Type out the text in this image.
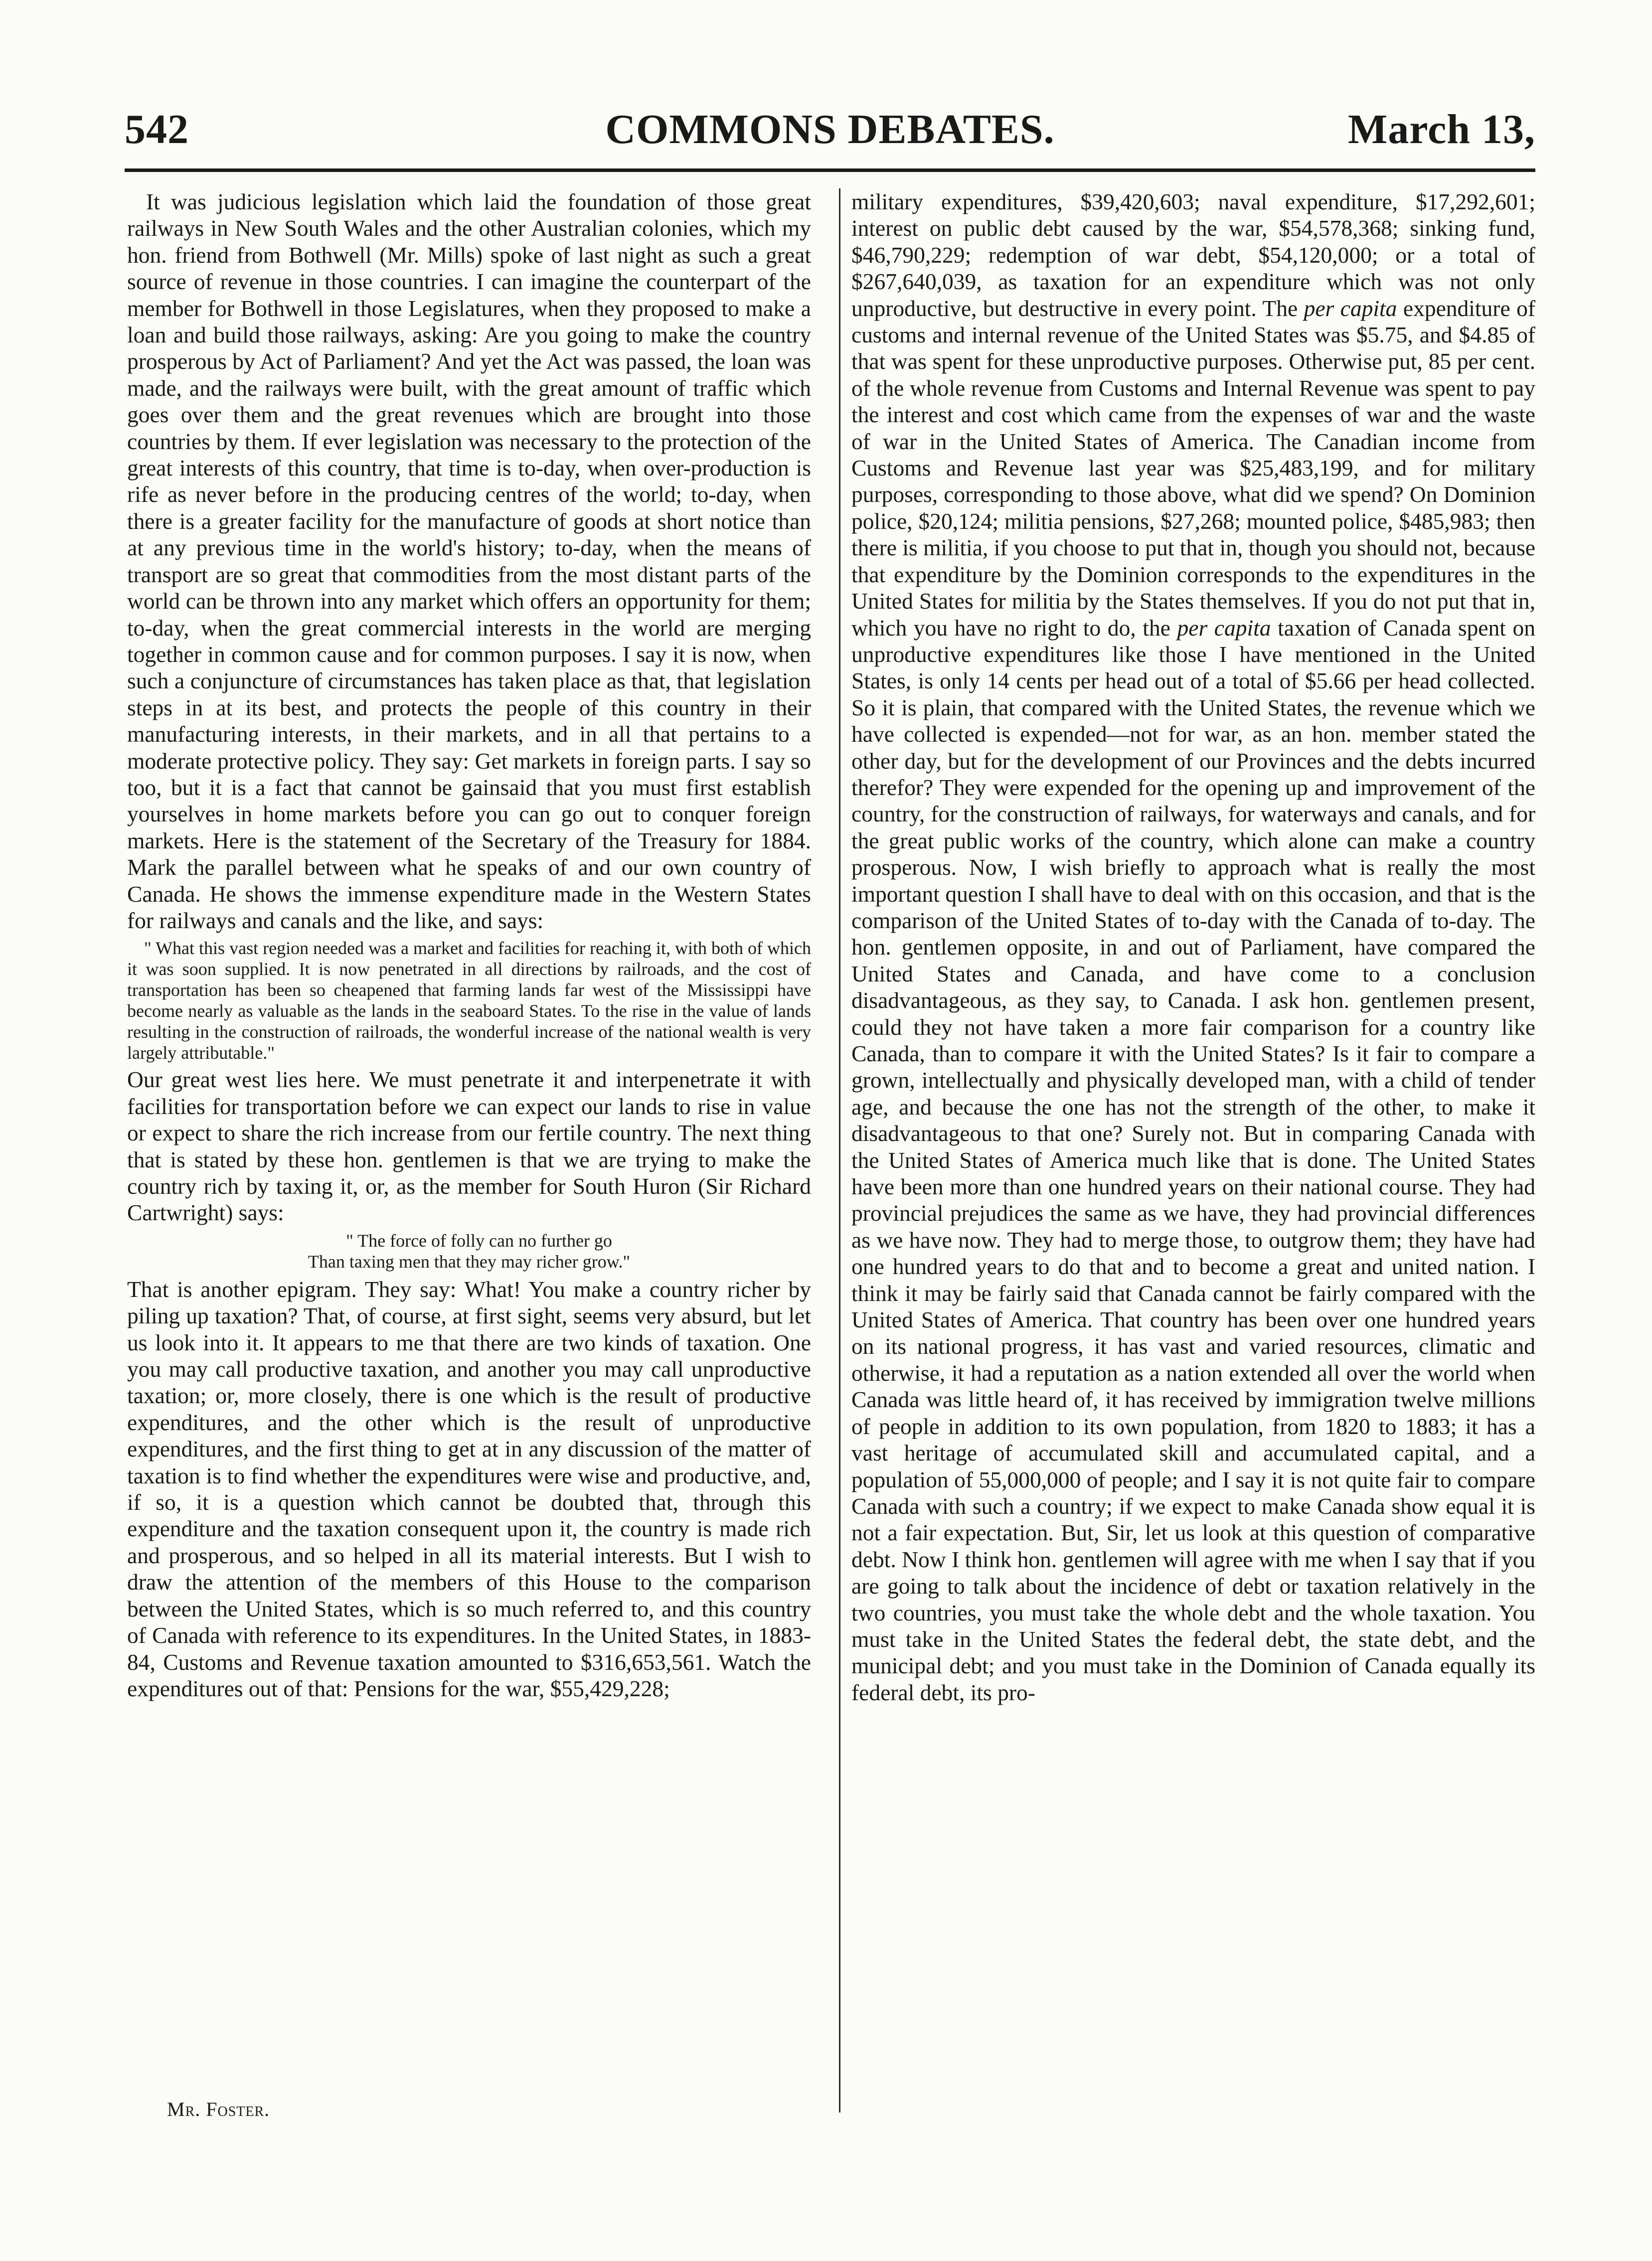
542	COMMONS DEBATES.	March 13,

It was judicious legislation which laid the foundation of those great railways in New South Wales and the other Australian colonies, which my hon. friend from Bothwell (Mr. Mills) spoke of last night as such a great source of revenue in those countries. I can imagine the counterpart of the member for Bothwell in those Legislatures, when they proposed to make a loan and build those railways, asking: Are you going to make the country prosperous by Act of Parliament? And yet the Act was passed, the loan was made, and the railways were built, with the great amount of traffic which goes over them and the great revenues which are brought into those countries by them. If ever legislation was necessary to the protection of the great interests of this country, that time is to-day, when over-production is rife as never before in the producing centres of the world; to-day, when there is a greater facility for the manufacture of goods at short notice than at any previous time in the world's history; to-day, when the means of transport are so great that commodities from the most distant parts of the world can be thrown into any market which offers an opportunity for them; to-day, when the great commercial interests in the world are merging together in common cause and for common purposes. I say it is now, when such a conjuncture of circumstances has taken place as that, that legislation steps in at its best, and protects the people of this country in their manufacturing interests, in their markets, and in all that pertains to a moderate protective policy. They say: Get markets in foreign parts. I say so too, but it is a fact that cannot be gainsaid that you must first establish yourselves in home markets before you can go out to conquer foreign markets. Here is the statement of the Secretary of the Treasury for 1884. Mark the parallel between what he speaks of and our own country of Canada. He shows the immense expenditure made in the Western States for railways and canals and the like, and says:

" What this vast region needed was a market and facilities for reaching it, with both of which it was soon supplied. It is now penetrated in all directions by railroads, and the cost of transportation has been so cheapened that farming lands far west of the Mississippi have become nearly as valuable as the lands in the seaboard States. To the rise in the value of lands resulting in the construction of railroads, the wonderful increase of the national wealth is very largely attributable."

Our great west lies here. We must penetrate it and interpenetrate it with facilities for transportation before we can expect our lands to rise in value or expect to share the rich increase from our fertile country. The next thing that is stated by these hon. gentlemen is that we are trying to make the country rich by taxing it, or, as the member for South Huron (Sir Richard Cartwright) says:

" The force of folly can no further go
Than taxing men that they may richer grow."

That is another epigram. They say: What! You make a country richer by piling up taxation? That, of course, at first sight, seems very absurd, but let us look into it. It appears to me that there are two kinds of taxation. One you may call productive taxation, and another you may call unproductive taxation; or, more closely, there is one which is the result of productive expenditures, and the other which is the result of unproductive expenditures, and the first thing to get at in any discussion of the matter of taxation is to find whether the expenditures were wise and productive, and, if so, it is a question which cannot be doubted that, through this expenditure and the taxation consequent upon it, the country is made rich and prosperous, and so helped in all its material interests. But I wish to draw the attention of the members of this House to the comparison between the United States, which is so much referred to, and this country of Canada with reference to its expenditures. In the United States, in 1883-84, Customs and Revenue taxation amounted to $316,653,561. Watch the expenditures out of that: Pensions for the war, $55,429,228;

military expenditures, $39,420,603; naval expenditure, $17,292,601; interest on public debt caused by the war, $54,578,368; sinking fund, $46,790,229; redemption of war debt, $54,120,000; or a total of $267,640,039, as taxation for an expenditure which was not only unproductive, but destructive in every point. The per capita expenditure of customs and internal revenue of the United States was $5.75, and $4.85 of that was spent for these unproductive purposes. Otherwise put, 85 per cent. of the whole revenue from Customs and Internal Revenue was spent to pay the interest and cost which came from the expenses of war and the waste of war in the United States of America. The Canadian income from Customs and Revenue last year was $25,483,199, and for military purposes, corresponding to those above, what did we spend? On Dominion police, $20,124; militia pensions, $27,268; mounted police, $485,983; then there is militia, if you choose to put that in, though you should not, because that expenditure by the Dominion corresponds to the expenditures in the United States for militia by the States themselves. If you do not put that in, which you have no right to do, the per capita taxation of Canada spent on unproductive expenditures like those I have mentioned in the United States, is only 14 cents per head out of a total of $5.66 per head collected. So it is plain, that compared with the United States, the revenue which we have collected is expended—not for war, as an hon. member stated the other day, but for the development of our Provinces and the debts incurred therefor? They were expended for the opening up and improvement of the country, for the construction of railways, for waterways and canals, and for the great public works of the country, which alone can make a country prosperous. Now, I wish briefly to approach what is really the most important question I shall have to deal with on this occasion, and that is the comparison of the United States of to-day with the Canada of to-day. The hon. gentlemen opposite, in and out of Parliament, have compared the United States and Canada, and have come to a conclusion disadvantageous, as they say, to Canada. I ask hon. gentlemen present, could they not have taken a more fair comparison for a country like Canada, than to compare it with the United States? Is it fair to compare a grown, intellectually and physically developed man, with a child of tender age, and because the one has not the strength of the other, to make it disadvantageous to that one? Surely not. But in comparing Canada with the United States of America much like that is done. The United States have been more than one hundred years on their national course. They had provincial prejudices the same as we have, they had provincial differences as we have now. They had to merge those, to outgrow them; they have had one hundred years to do that and to become a great and united nation. I think it may be fairly said that Canada cannot be fairly compared with the United States of America. That country has been over one hundred years on its national progress, it has vast and varied resources, climatic and otherwise, it had a reputation as a nation extended all over the world when Canada was little heard of, it has received by immigration twelve millions of people in addition to its own population, from 1820 to 1883; it has a vast heritage of accumulated skill and accumulated capital, and a population of 55,000,000 of people; and I say it is not quite fair to compare Canada with such a country; if we expect to make Canada show equal it is not a fair expectation. But, Sir, let us look at this question of comparative debt. Now I think hon. gentlemen will agree with me when I say that if you are going to talk about the incidence of debt or taxation relatively in the two countries, you must take the whole debt and the whole taxation. You must take in the United States the federal debt, the state debt, and the municipal debt; and you must take in the Dominion of Canada equally its federal debt, its pro-

Mr. Foster.
